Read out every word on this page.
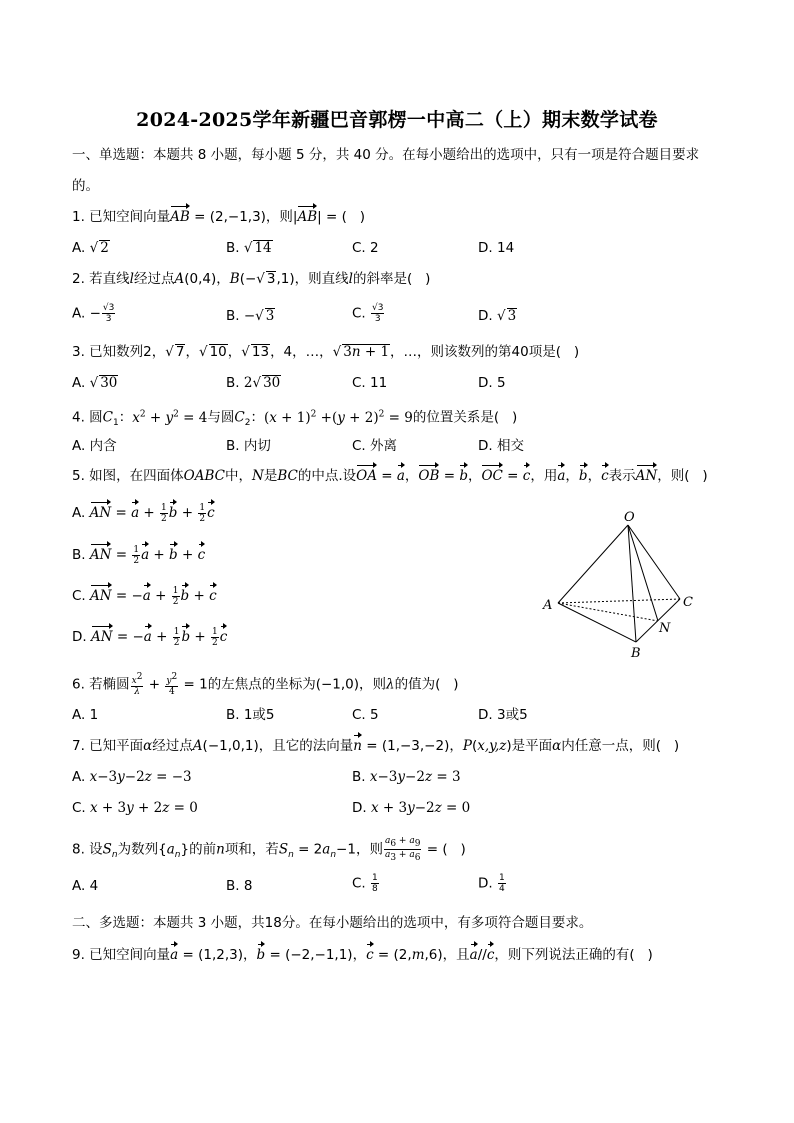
2024-2025学年新疆巴音郭楞一中高二（上）期末数学试卷
一、单选题：本题共 8 小题，每小题 5 分，共 40 分。在每小题给出的选项中，只有一项是符合题目要求
的。
1. 已知空间向量AB = (2,−1,3)，则|AB| = (   )
A. √ 2	B. √ 14	C. 2	D. 14
2. 若直线l经过点A(0,4)，B(−√ 3,1)，则直线l的斜率是(   )
A. − $\frac{√3}{3}$	B. −√ 3	C. $\frac{√3}{3}$	D. √ 3
3. 已知数列2，√ 7，√ 10，√ 13，4，…，√ 3n + 1，…，则该数列的第40项是(   )
A. √ 30	B. 2√ 30	C. 11	D. 5
4. 圆$C_1$：$x^2 + y^2 = 4$与圆$C_2$：$(x + 1)^2 +(y + 2)^2 = 9$的位置关系是(   )
A. 内含	B. 内切	C. 外离	D. 相交
5. 如图，在四面体OABC中，N是BC的中点.设OA = a，OB = b，OC = c，用a，b，c表示AN，则(   )
A. AN = $a + \frac{1}{2}$ $b + \frac{1}{2}$ c
B. AN = $\frac{1}{2}$ a + b + c
C. AN = $-a + \frac{1}{2}$ b + c
D. AN = $-a + \frac{1}{2}$ $b + \frac{1}{2}$ c
O
A
B
C
N
6. 若椭圆 $\frac{x^2}{\lambda} + \frac{y^2}{4} = 1$的左焦点的坐标为(−1,0)，则λ的值为(   )
A. 1	B. 1或5	C. 5	D. 3或5
7. 已知平面α经过点A(−1,0,1)，且它的法向量n = (1,−3,−2)，P(x,y,z)是平面α内任意一点，则(   )
A. x−3y−2z = −3	B. x−3y−2z = 3
C. x + 3y + 2z = 0	D. x + 3y−2z = 0
8. 设$S_n$为数列$\{a_n\}$的前n项和，若$S_n = 2a_n-1$，则 $\frac{a_6 + a_9}{a_3 + a_6}$ = (   )
A. 4	B. 8	C. $\frac{1}{8}$	D. $\frac{1}{4}$
二、多选题：本题共 3 小题，共18分。在每小题给出的选项中，有多项符合题目要求。
9. 已知空间向量a = (1,2,3)，b = (−2,−1,1)，c = (2,m,6)，且a//c，则下列说法正确的有(   )
